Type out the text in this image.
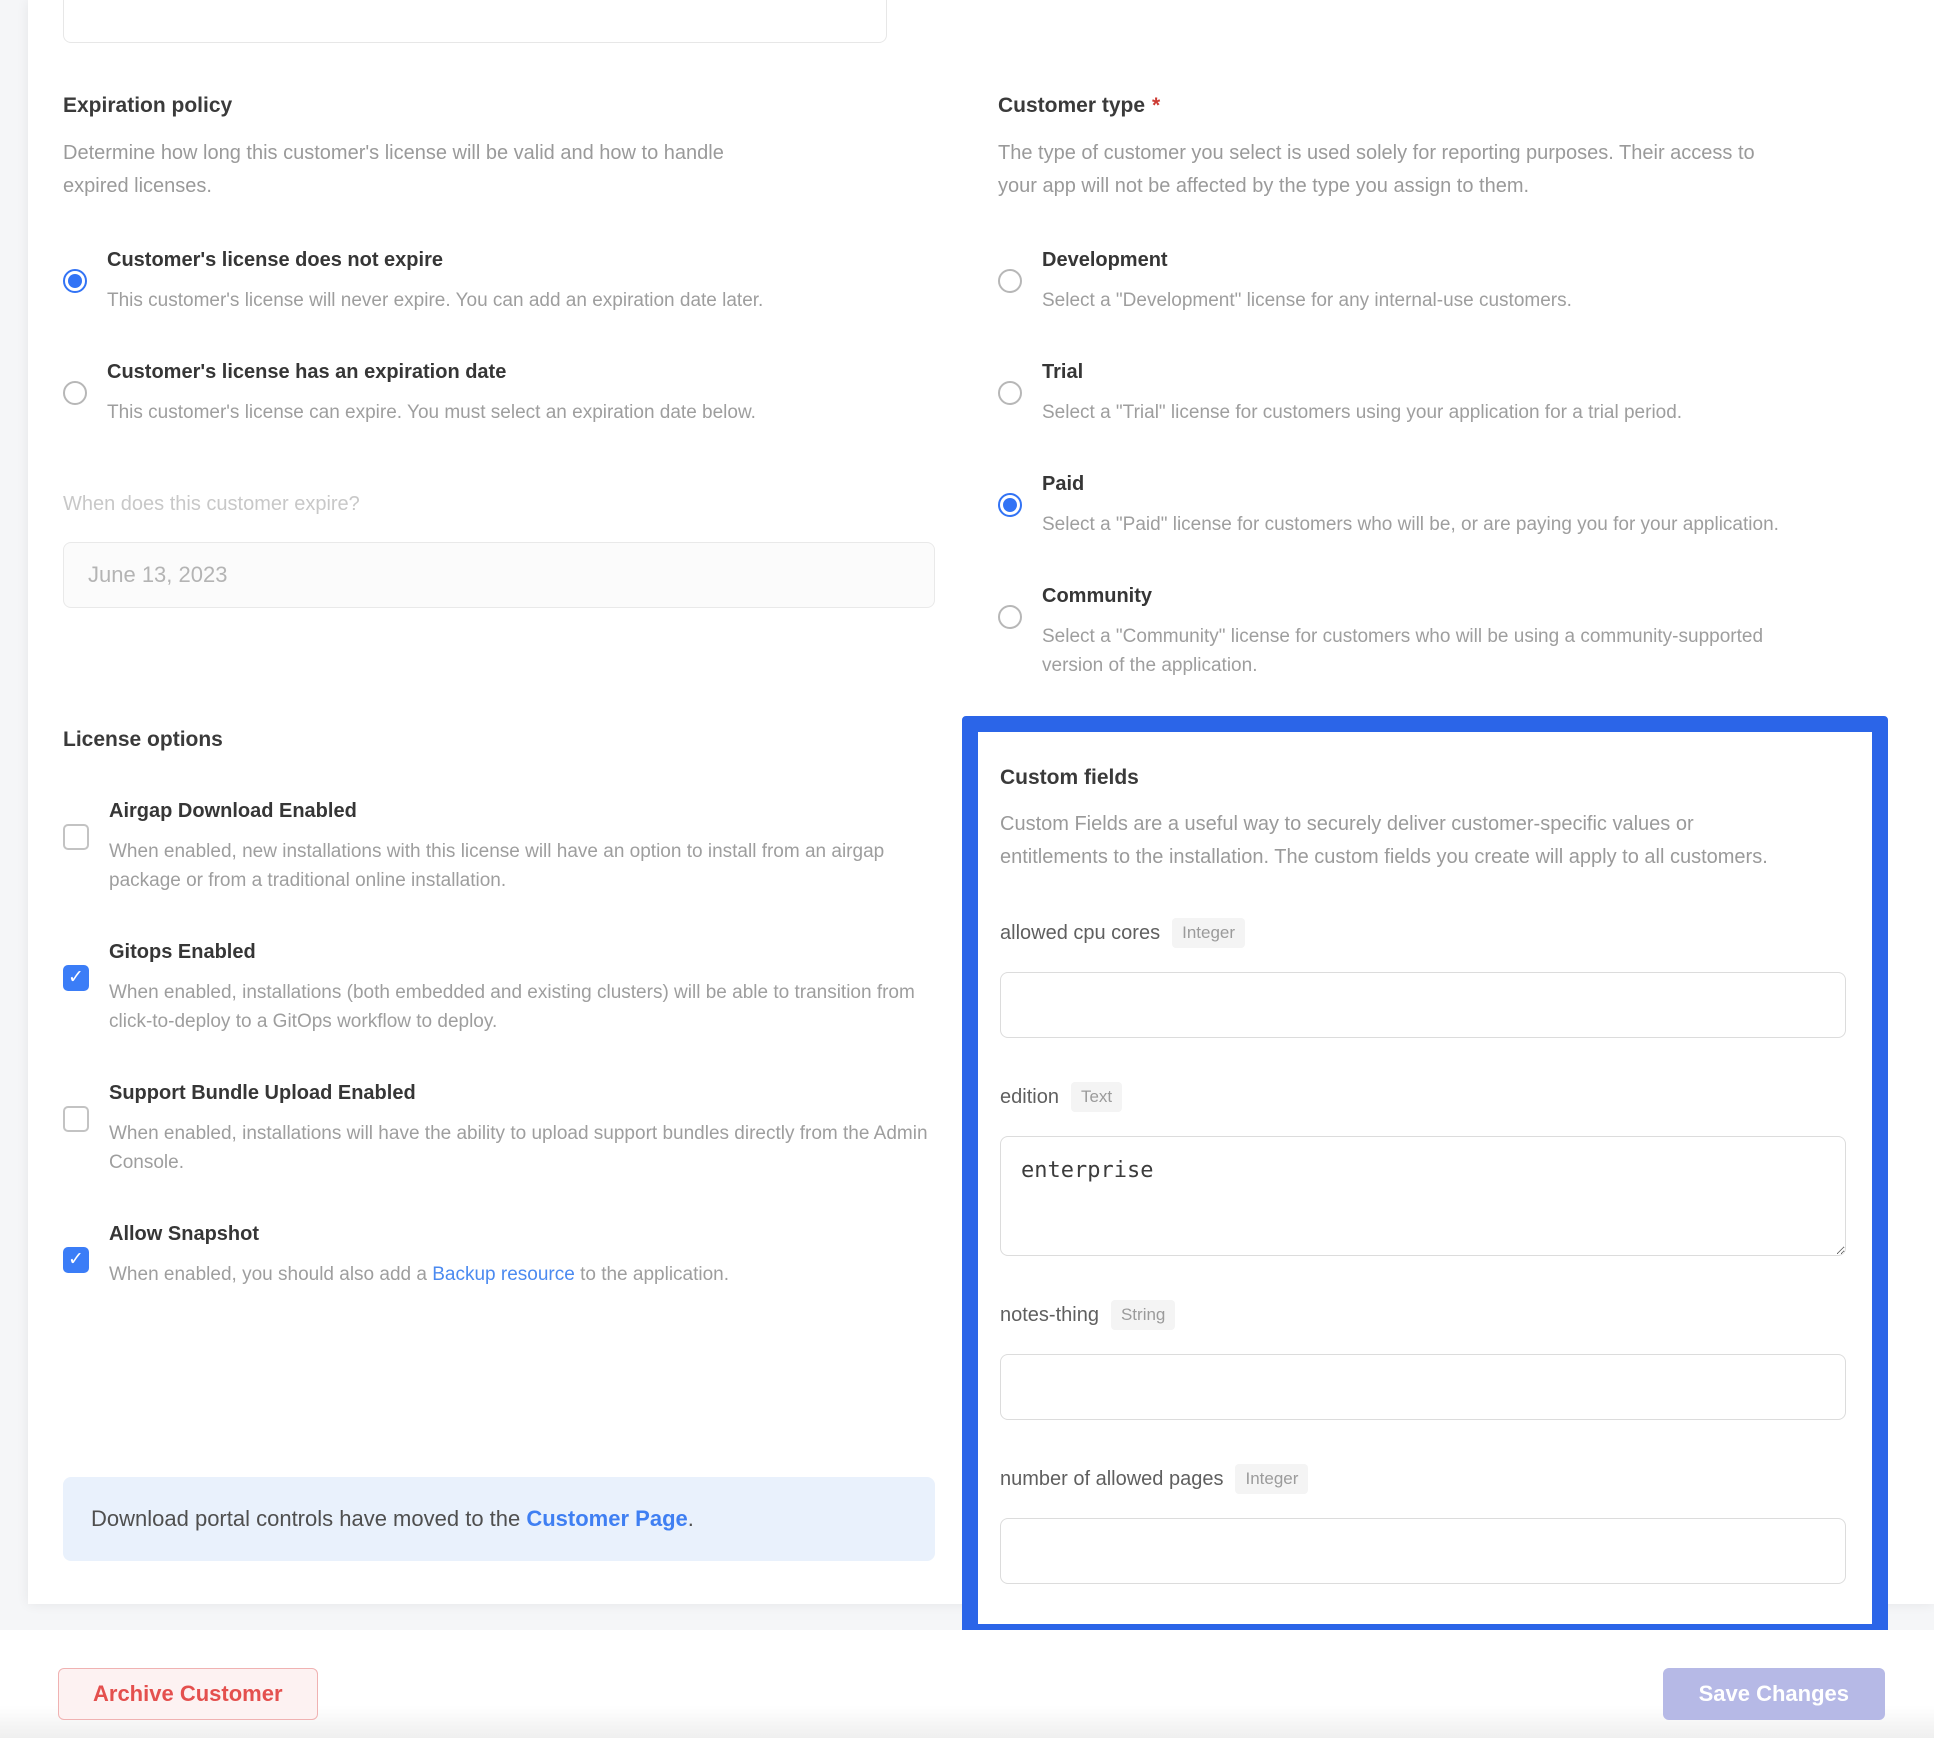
Expiration policy
Determine how long this customer's license will be valid and how to handle expired licenses.
Customer's license does not expire
This customer's license will never expire. You can add an expiration date later.
Customer's license has an expiration date
This customer's license can expire. You must select an expiration date below.
When does this customer expire?
June 13, 2023
License options
Airgap Download Enabled
When enabled, new installations with this license will have an option to install from an airgap package or from a traditional online installation.
✓
Gitops Enabled
When enabled, installations (both embedded and existing clusters) will be able to transition from click-to-deploy to a GitOps workflow to deploy.
Support Bundle Upload Enabled
When enabled, installations will have the ability to upload support bundles directly from the Admin Console.
✓
Allow Snapshot
When enabled, you should also add a Backup resource to the application.
Download portal controls have moved to the Customer Page.
Customer type *
The type of customer you select is used solely for reporting purposes. Their access to your app will not be affected by the type you assign to them.
Development
Select a "Development" license for any internal-use customers.
Trial
Select a "Trial" license for customers using your application for a trial period.
Paid
Select a "Paid" license for customers who will be, or are paying you for your application.
Community
Select a "Community" license for customers who will be using a community-supported version of the application.
Custom fields
Custom Fields are a useful way to securely deliver customer-specific values or entitlements to the installation. The custom fields you create will apply to all customers.
allowed cpu cores	Integer
edition	Text
enterprise
notes-thing	String
number of allowed pages	Integer
Archive Customer	Save Changes
